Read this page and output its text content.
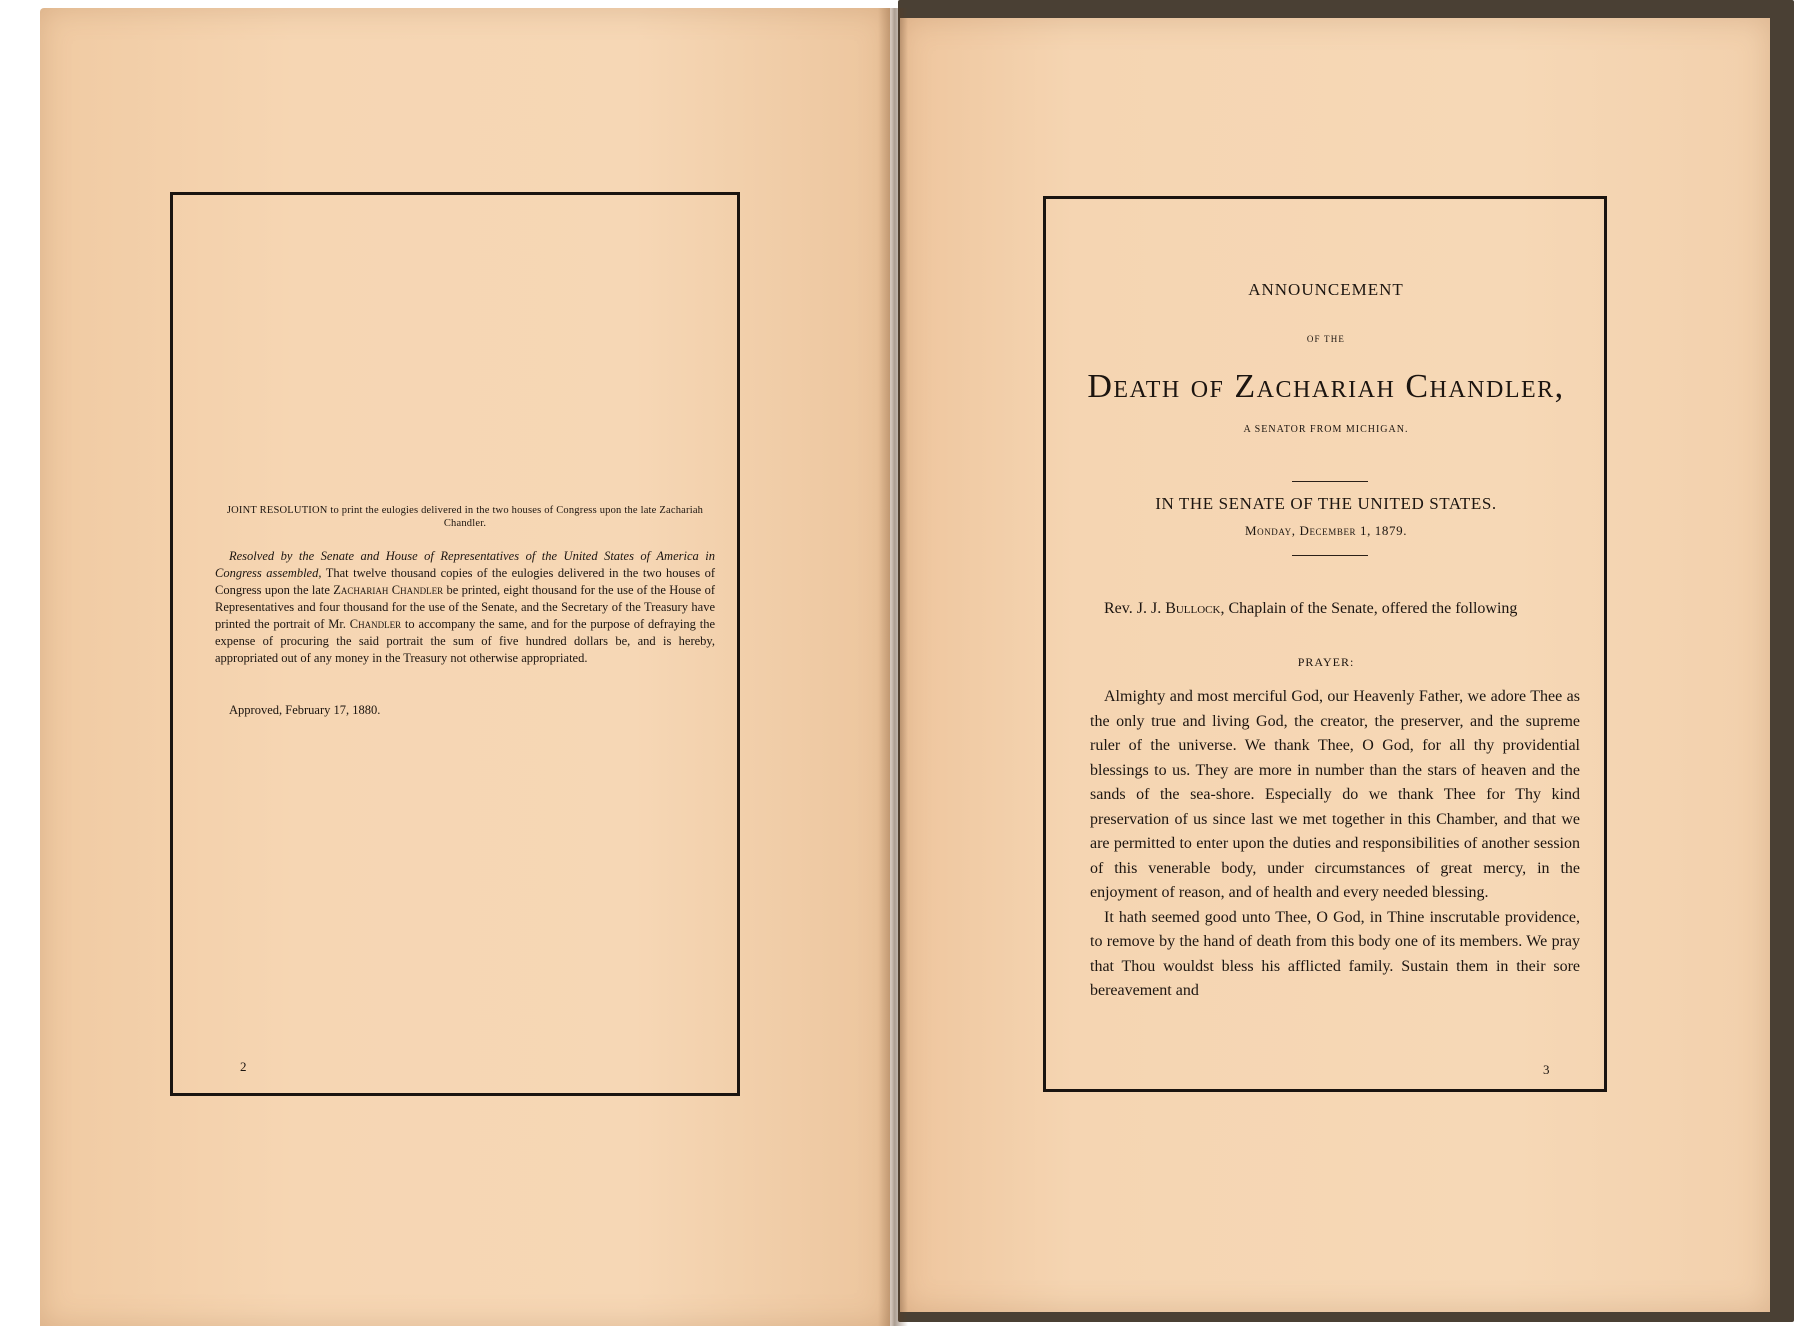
JOINT RESOLUTION to print the eulogies delivered in the two houses of Congress upon the late Zachariah Chandler.

Resolved by the Senate and House of Representatives of the United States of America in Congress assembled, That twelve thousand copies of the eulogies delivered in the two houses of Congress upon the late Zachariah Chandler be printed, eight thousand for the use of the House of Representatives and four thousand for the use of the Senate, and the Secretary of the Treasury have printed the portrait of Mr. Chandler to accompany the same, and for the purpose of defraying the expense of procuring the said portrait the sum of five hundred dollars be, and is hereby, appropriated out of any money in the Treasury not otherwise appropriated.

Approved, February 17, 1880.

2
ANNOUNCEMENT
OF THE
Death of Zachariah Chandler,
A SENATOR FROM MICHIGAN.
IN THE SENATE OF THE UNITED STATES.
Monday, December 1, 1879.

Rev. J. J. Bullock, Chaplain of the Senate, offered the following

PRAYER:

Almighty and most merciful God, our Heavenly Father, we adore Thee as the only true and living God, the creator, the preserver, and the supreme ruler of the universe. We thank Thee, O God, for all thy providential blessings to us. They are more in number than the stars of heaven and the sands of the sea-shore. Especially do we thank Thee for Thy kind preservation of us since last we met together in this Chamber, and that we are permitted to enter upon the duties and responsibilities of another session of this venerable body, under circumstances of great mercy, in the enjoyment of reason, and of health and every needed blessing.

It hath seemed good unto Thee, O God, in Thine inscrutable providence, to remove by the hand of death from this body one of its members. We pray that Thou wouldst bless his afflicted family. Sustain them in their sore bereavement and

3
